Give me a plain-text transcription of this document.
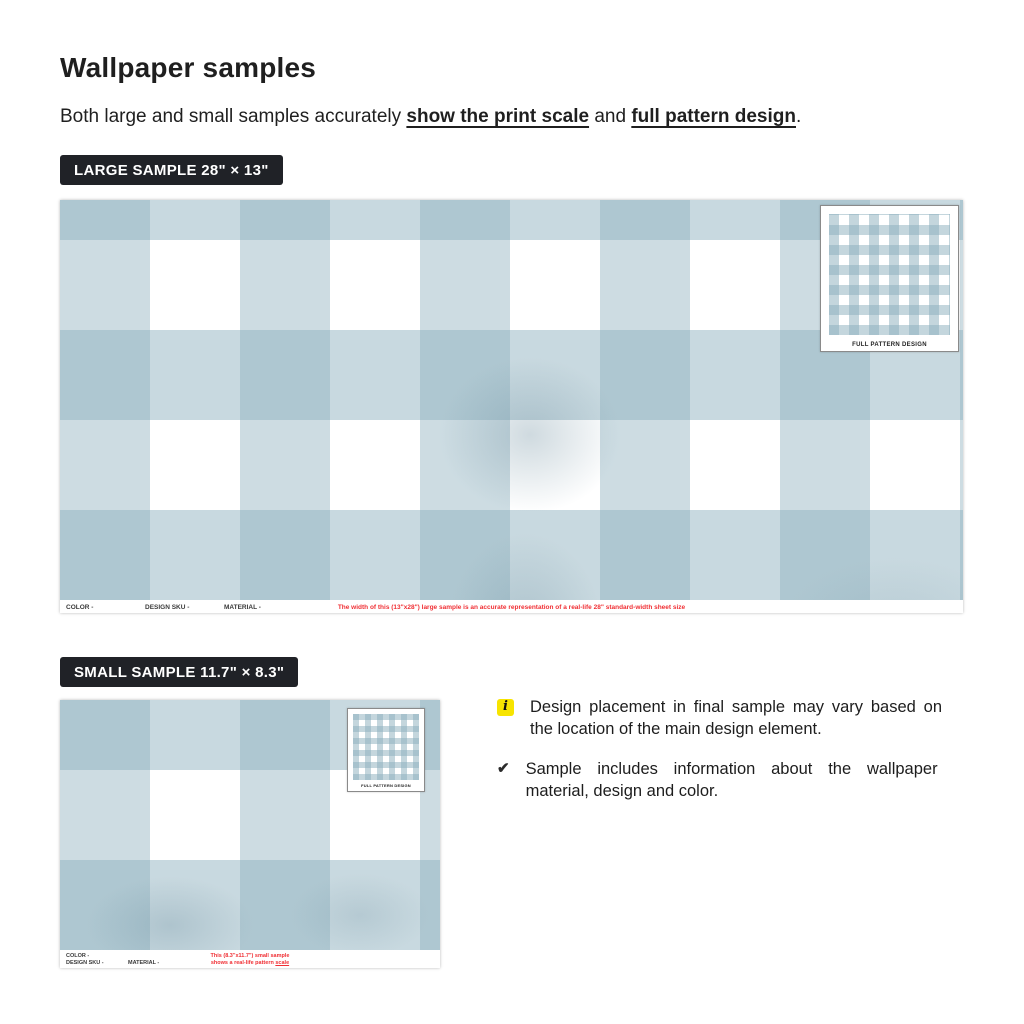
Wallpaper samples

Both large and small samples accurately show the print scale and full pattern design.

LARGE SAMPLE 28" × 13"
FULL PATTERN DESIGN
COLOR -	DESIGN SKU -	MATERIAL -	The width of this (13"x28") large sample is an accurate representation of a real-life 28" standard-width sheet size
SMALL SAMPLE 11.7" × 8.3"
FULL PATTERN DESIGN
COLOR -
DESIGN SKU -	MATERIAL -
This (8.3"x11.7") small sample
shows a real-life pattern scale
i	Design placement in final sample may vary based on the location of the main design element.

✔ Sample includes information about the wallpaper material, design and color.
